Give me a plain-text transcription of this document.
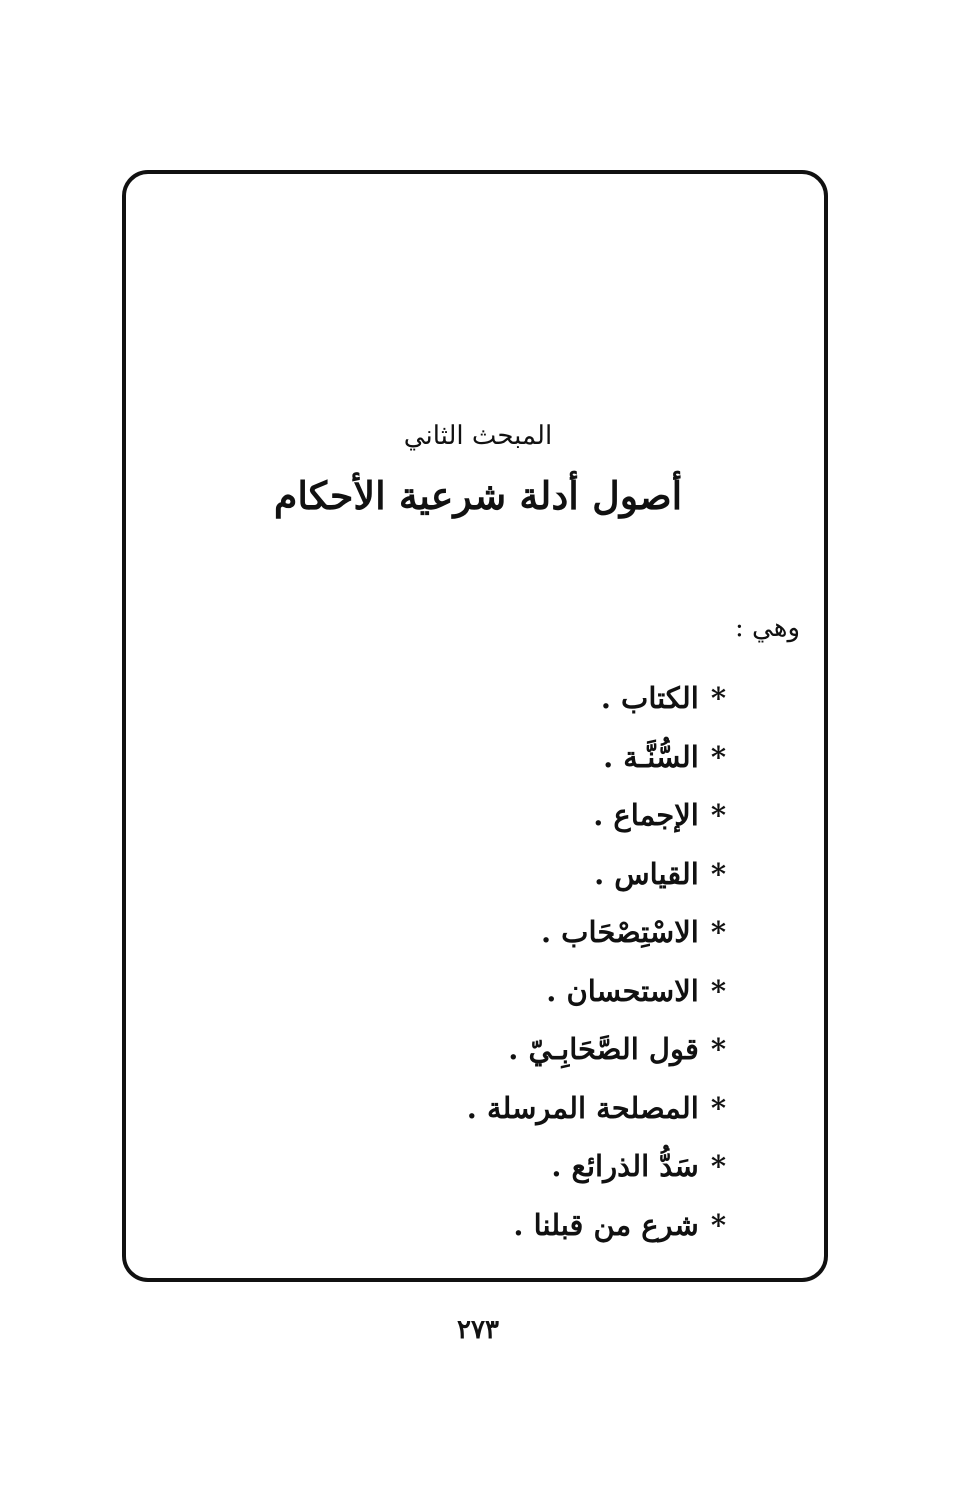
المبحث الثاني
أصول أدلة شرعية الأحكام
وهي :
*الكتاب .
*السُّنَّـة .
*الإجماع .
*القياس .
*الاسْتِصْحَاب .
*الاستحسان .
*قول الصَّحَابِـيّ .
*المصلحة المرسلة .
*سَدُّ الذرائع .
*شرع من قبلنا .
٢٧٣
